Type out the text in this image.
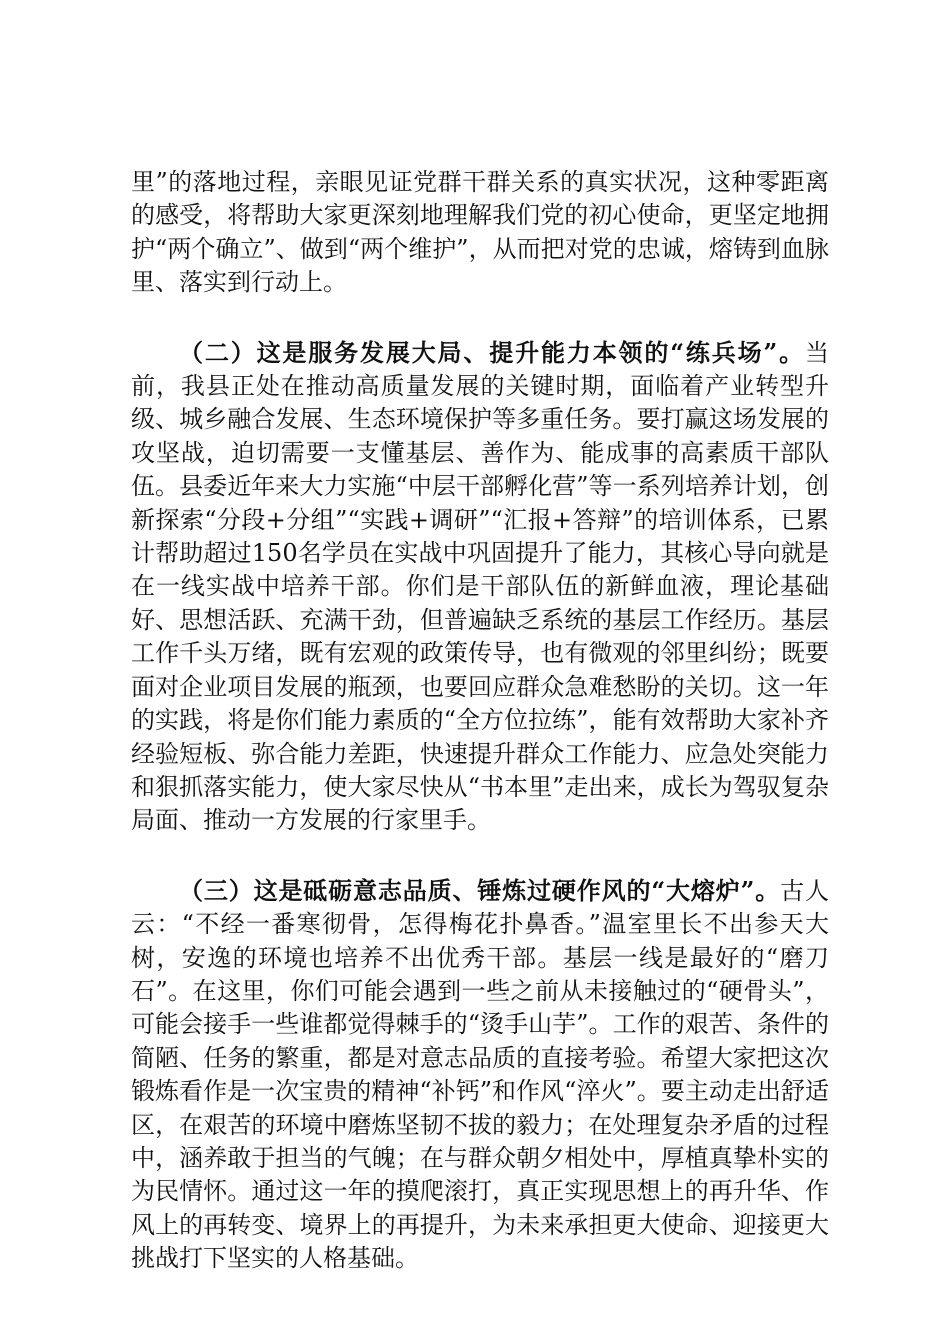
里”的落地过程，亲眼见证党群干群关系的真实状况，这种零距离的感受，将帮助大家更深刻地理解我们党的初心使命，更坚定地拥护“两个确立”、做到“两个维护”，从而把对党的忠诚，熔铸到血脉里、落实到行动上。

（二）这是服务发展大局、提升能力本领的“练兵场”。当前，我县正处在推动高质量发展的关键时期，面临着产业转型升级、城乡融合发展、生态环境保护等多重任务。要打赢这场发展的攻坚战，迫切需要一支懂基层、善作为、能成事的高素质干部队伍。县委近年来大力实施“中层干部孵化营”等一系列培养计划，创新探索“分段+分组”“实践+调研”“汇报+答辩”的培训体系，已累计帮助超过150名学员在实战中巩固提升了能力，其核心导向就是在一线实战中培养干部。你们是干部队伍的新鲜血液，理论基础好、思想活跃、充满干劲，但普遍缺乏系统的基层工作经历。基层工作千头万绪，既有宏观的政策传导，也有微观的邻里纠纷；既要面对企业项目发展的瓶颈，也要回应群众急难愁盼的关切。这一年的实践，将是你们能力素质的“全方位拉练”，能有效帮助大家补齐经验短板、弥合能力差距，快速提升群众工作能力、应急处突能力和狠抓落实能力，使大家尽快从“书本里”走出来，成长为驾驭复杂局面、推动一方发展的行家里手。

（三）这是砥砺意志品质、锤炼过硬作风的“大熔炉”。古人云：“不经一番寒彻骨，怎得梅花扑鼻香。”温室里长不出参天大树，安逸的环境也培养不出优秀干部。基层一线是最好的“磨刀石”。在这里，你们可能会遇到一些之前从未接触过的“硬骨头”，可能会接手一些谁都觉得棘手的“烫手山芋”。工作的艰苦、条件的简陋、任务的繁重，都是对意志品质的直接考验。希望大家把这次锻炼看作是一次宝贵的精神“补钙”和作风“淬火”。要主动走出舒适区，在艰苦的环境中磨炼坚韧不拔的毅力；在处理复杂矛盾的过程中，涵养敢于担当的气魄；在与群众朝夕相处中，厚植真挚朴实的为民情怀。通过这一年的摸爬滚打，真正实现思想上的再升华、作风上的再转变、境界上的再提升，为未来承担更大使命、迎接更大挑战打下坚实的人格基础。
